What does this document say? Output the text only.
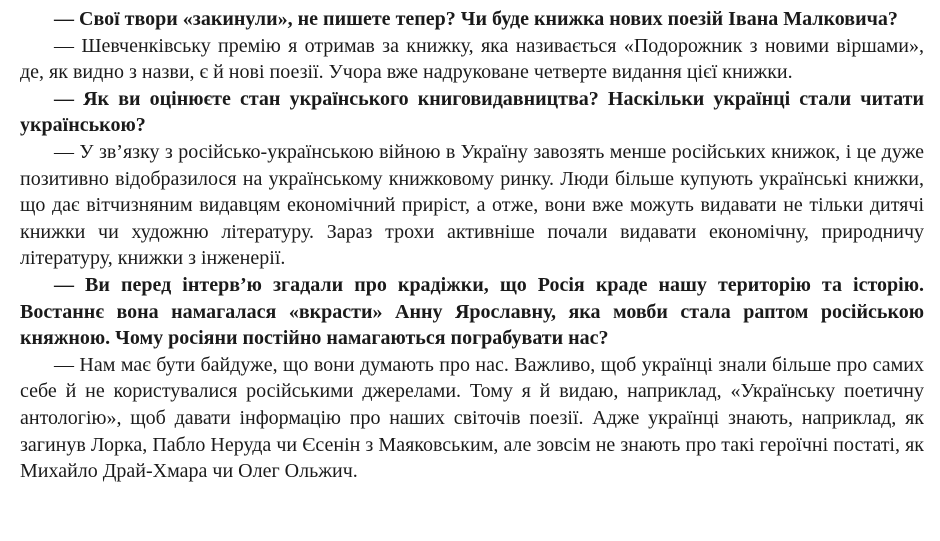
— Свої твори «закинули», не пишете тепер? Чи буде книжка нових поезій Івана Малковича?

— Шевченківську премію я отримав за книжку, яка називається «Подорожник з новими віршами», де, як видно з назви, є й нові поезії. Учора вже надруковане четверте видання цієї книжки.

— Як ви оцінюєте стан українського книговидавництва? Наскільки українці стали читати українською?

— У зв’язку з російсько-українською війною в Україну завозять менше російських книжок, і це дуже позитивно відобразилося на українському книжковому ринку. Люди більше купують українські книжки, що дає вітчизняним видавцям економічний приріст, а отже, вони вже можуть видавати не тільки дитячі книжки чи художню літературу. Зараз трохи активніше почали видавати економічну, природничу літературу, книжки з інженерії.

— Ви перед інтерв’ю згадали про крадіжки, що Росія краде нашу територію та історію. Востаннє вона намагалася «вкрасти» Анну Ярославну, яка мовби стала раптом російською княжною. Чому росіяни постійно намагаються пограбувати нас?

— Нам має бути байдуже, що вони думають про нас. Важливо, щоб українці знали більше про самих себе й не користувалися російськими джерелами. Тому я й видаю, наприклад, «Українську поетичну антологію», щоб давати інформацію про наших світочів поезії. Адже українці знають, наприклад, як загинув Лорка, Пабло Неруда чи Єсенін з Маяковським, але зовсім не знають про такі героїчні постаті, як Михайло Драй-Хмара чи Олег Ольжич.
